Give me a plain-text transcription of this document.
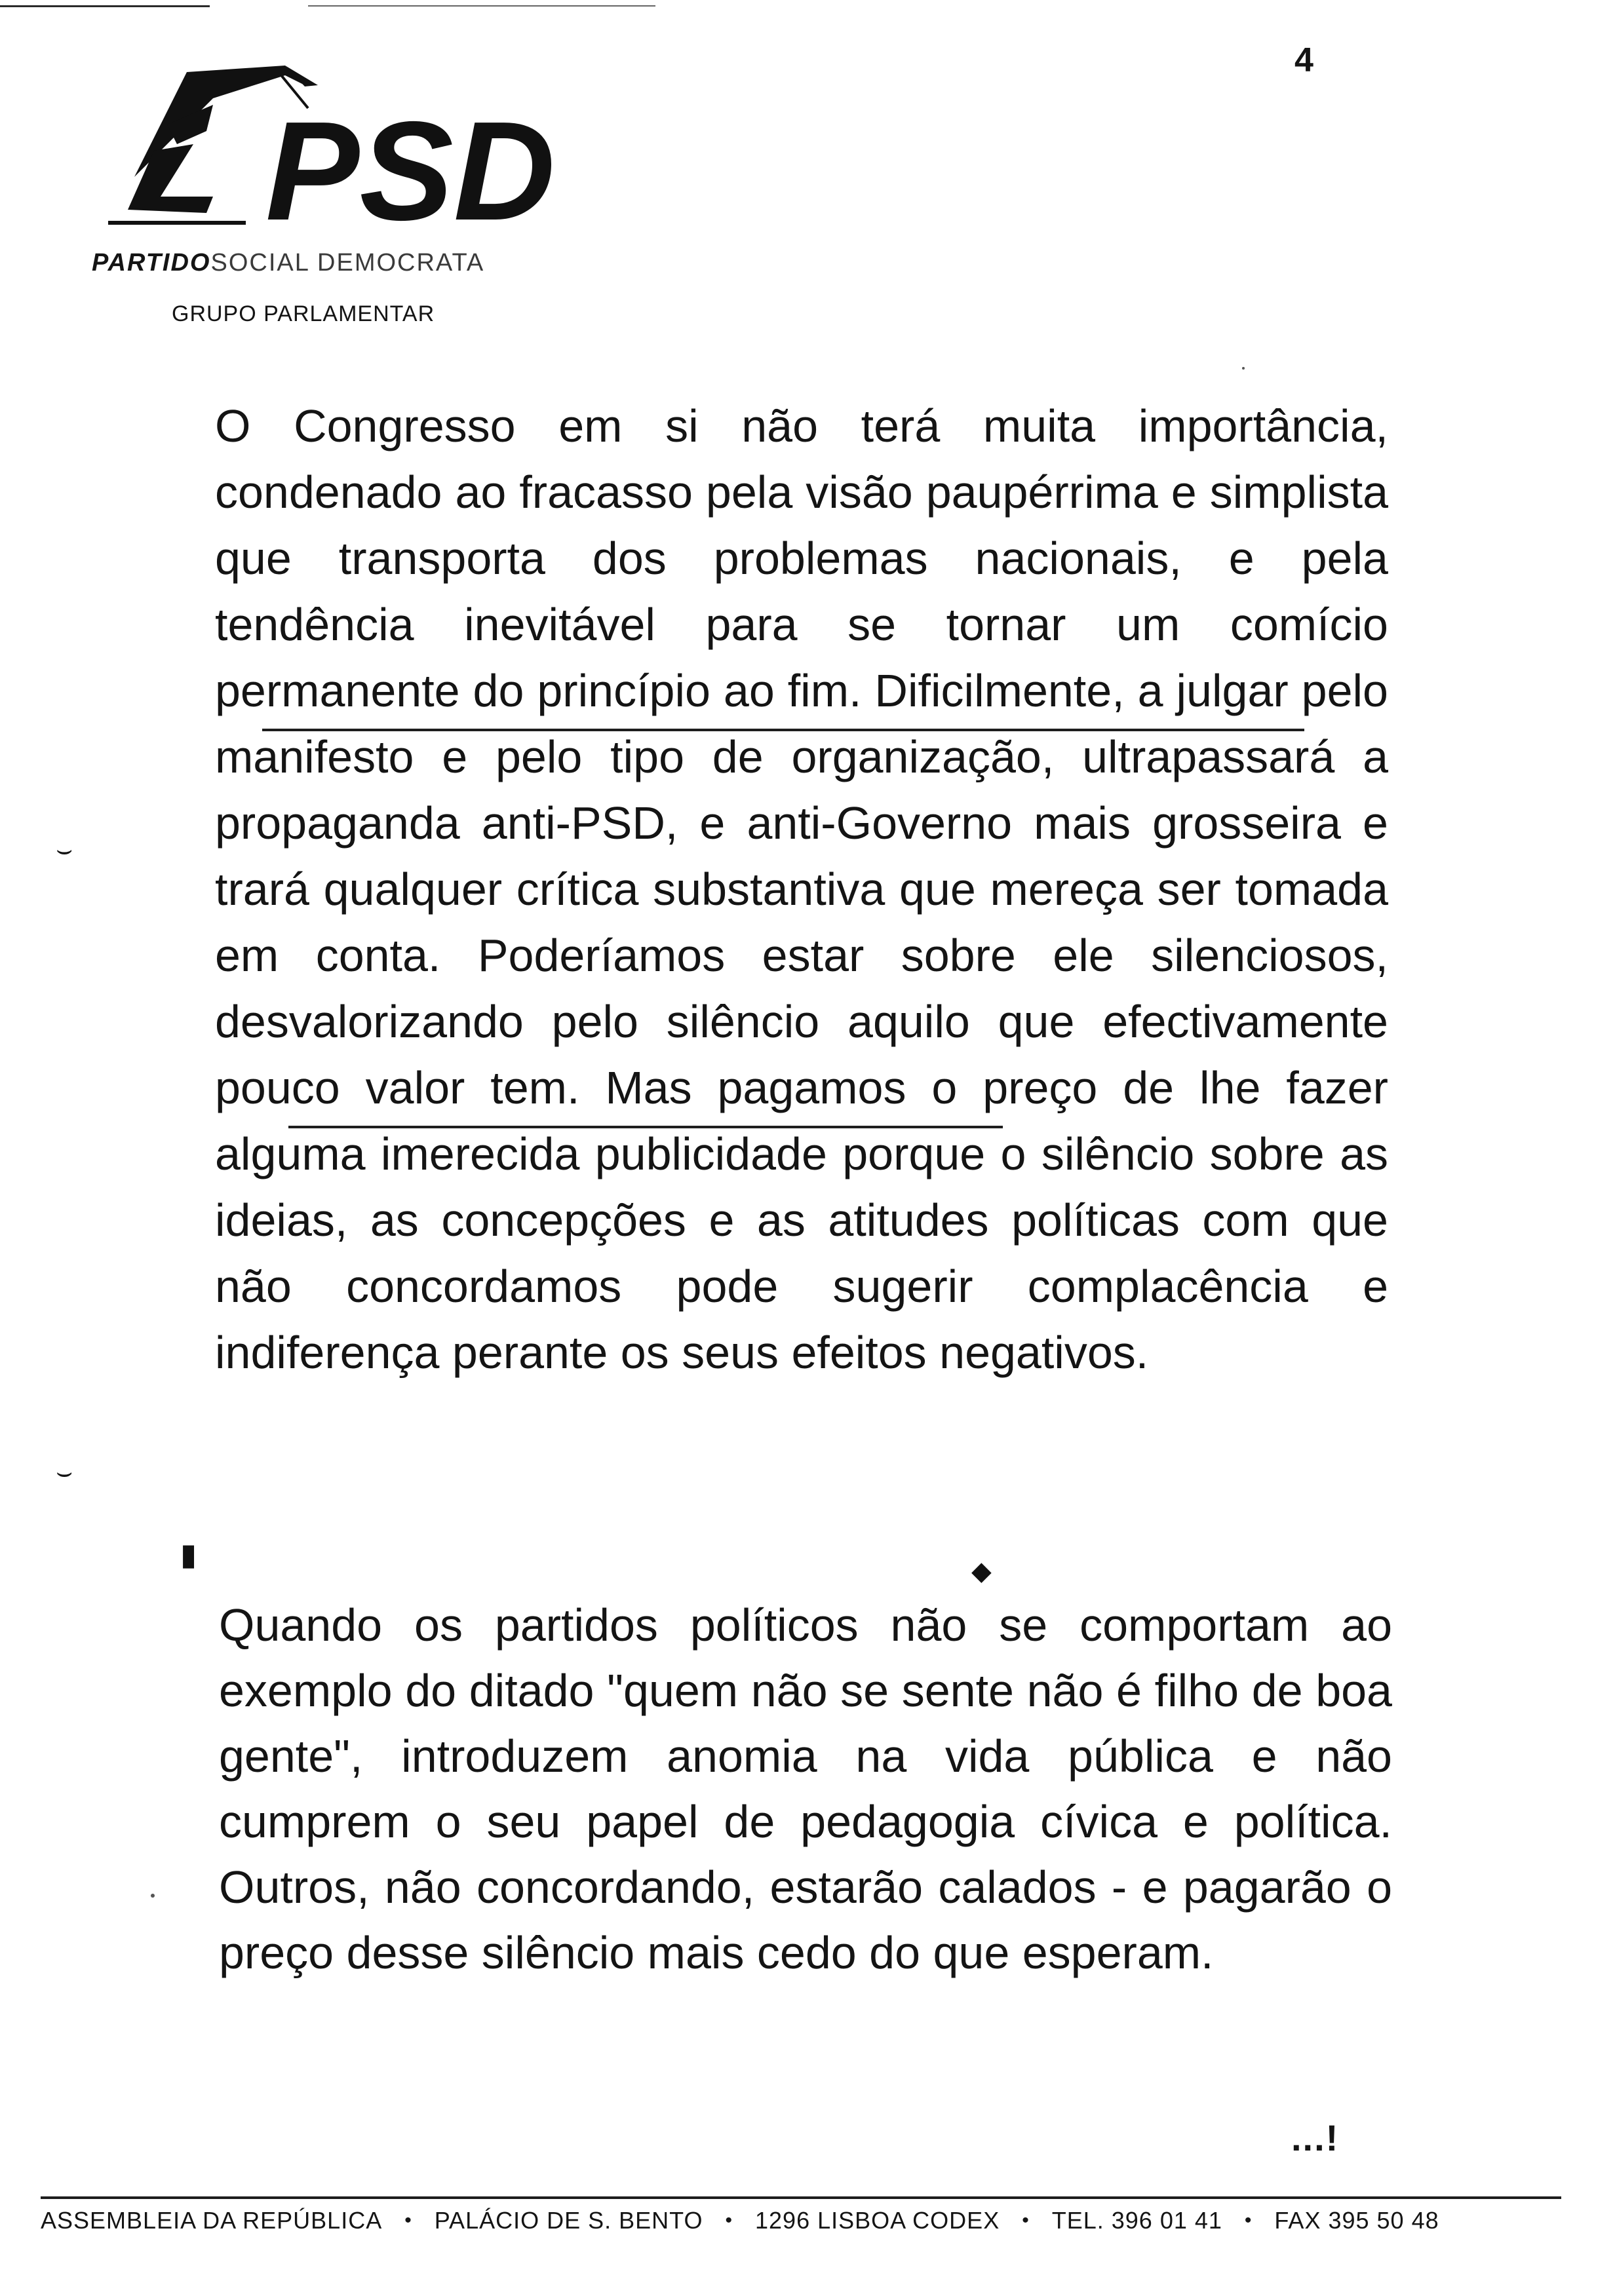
4
PSD
PARTIDOSOCIAL DEMOCRATA
GRUPO PARLAMENTAR
O Congresso em si não terá muita importância, condenado ao fracasso pela visão paupérrima e simplista que transporta dos problemas nacionais, e pela tendência inevitável para se tornar um comício permanente do princípio ao fim. Dificilmente, a julgar pelo manifesto e pelo tipo de organização, ultrapassará a propaganda anti-PSD, e anti-Governo mais grosseira e trará qualquer crítica substantiva que mereça ser tomada em conta. Poderíamos estar sobre ele silenciosos, desvalorizando pelo silêncio aquilo que efectivamente pouco valor tem. Mas pagamos o preço de lhe fazer alguma imerecida publicidade porque o silêncio sobre as ideias, as concepções e as atitudes políticas com que não concordamos pode sugerir complacência e indiferença perante os seus efeitos negativos.
Quando os partidos políticos não se comportam ao exemplo do ditado "quem não se sente não é filho de boa gente", introduzem anomia na vida pública e não cumprem o seu papel de pedagogia cívica e política. Outros, não concordando, estarão calados - e pagarão o preço desse silêncio mais cedo do que esperam.
⌣
⌣
▮	◆
...!
ASSEMBLEIA DA REPÚBLICA • PALÁCIO DE S. BENTO • 1296 LISBOA CODEX • TEL. 396 01 41 • FAX 395 50 48
